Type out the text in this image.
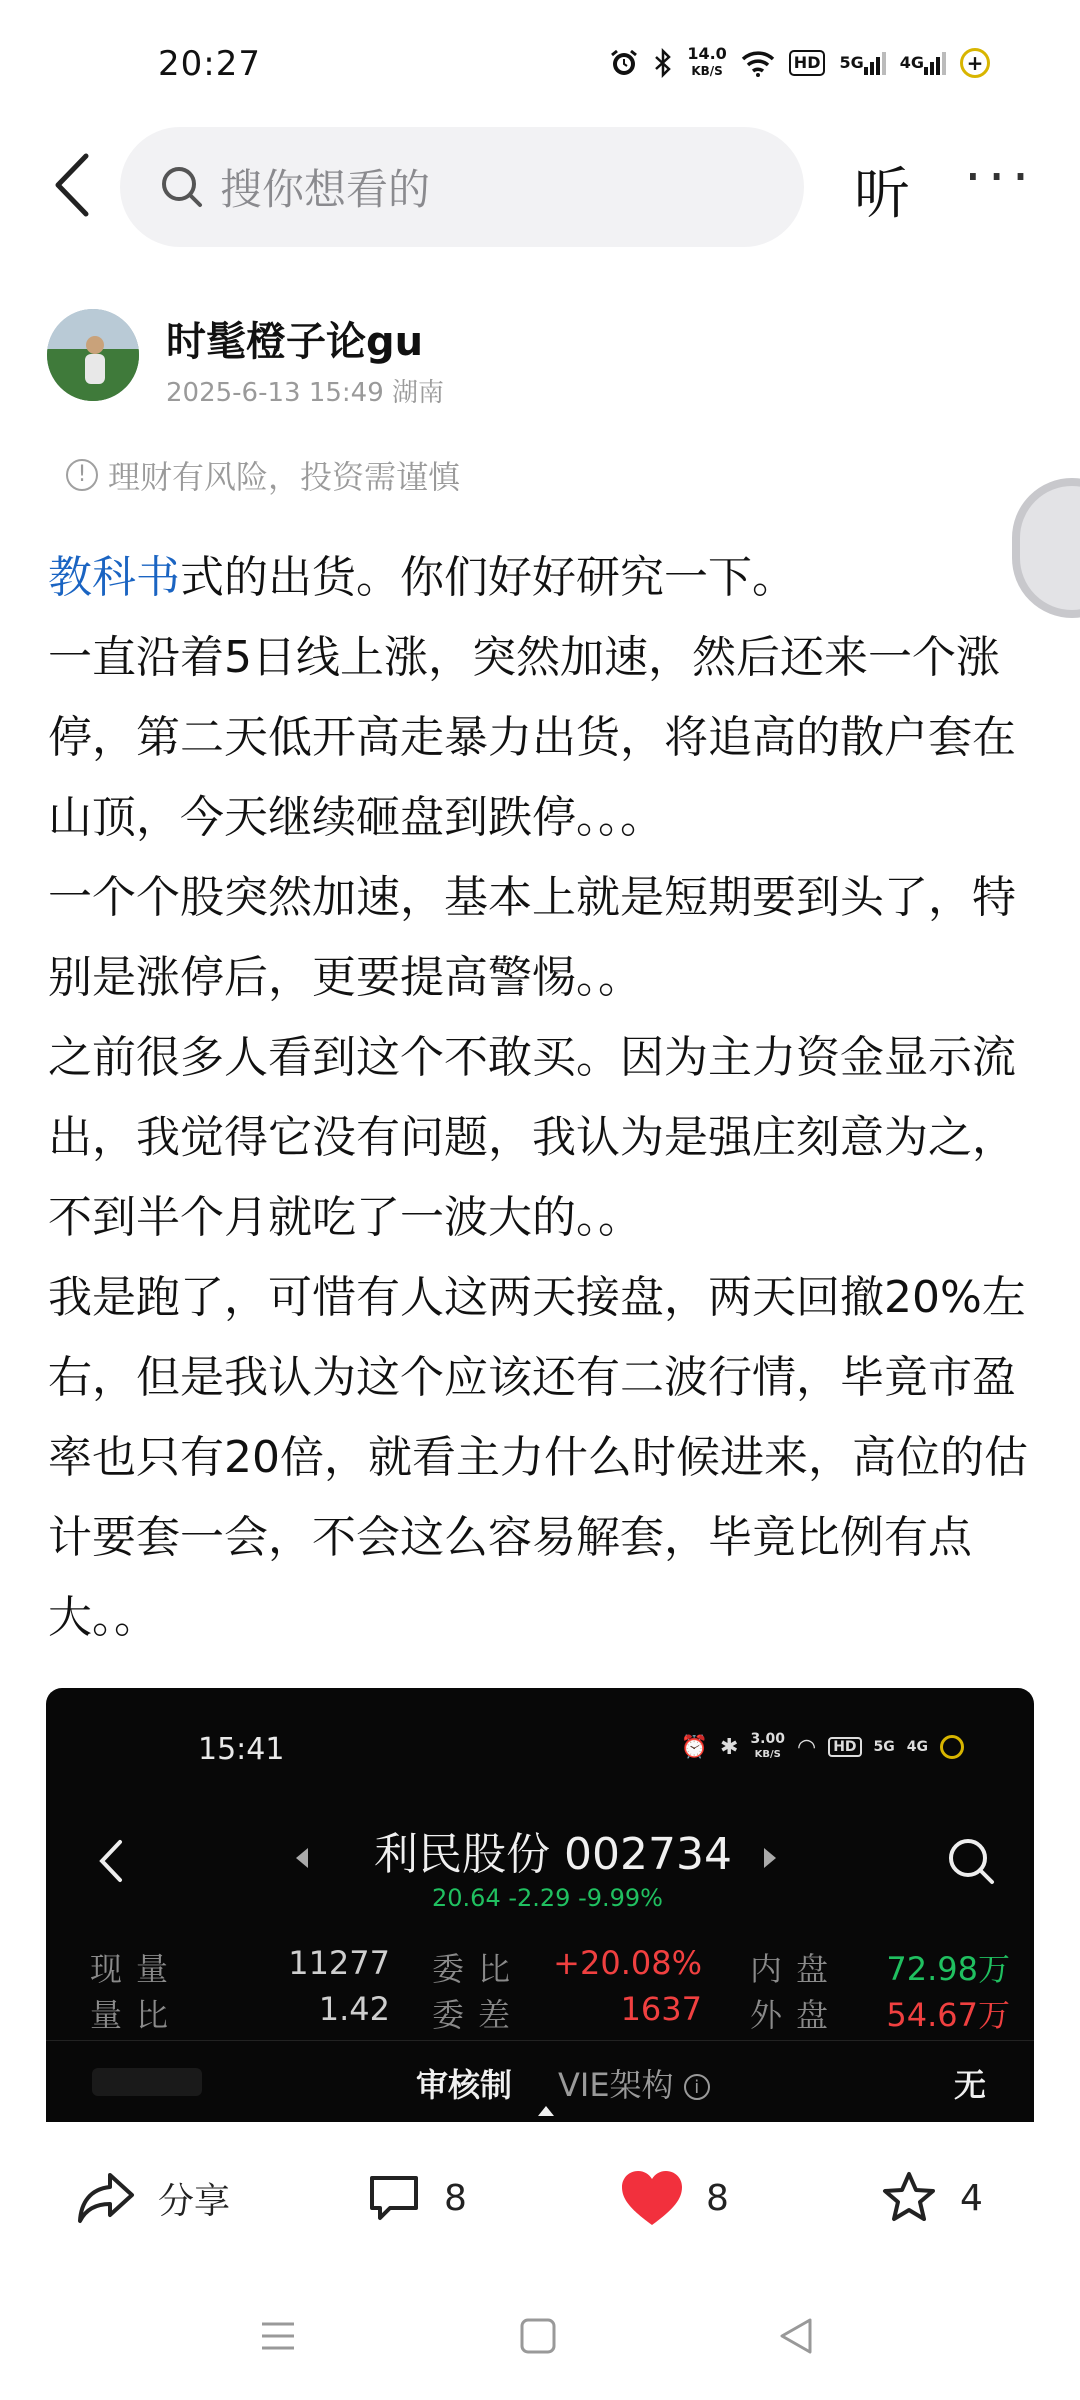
20:27	14.0
KB/S	HD	5G 4G	+
搜你想看的	听 ···
时髦橙子论gu
2025-6-13 15:49 湖南
! 理财有风险，投资需谨慎

教科书式的出货。你们好好研究一下。

一直沿着5日线上涨，突然加速，然后还来一个涨停，第二天低开高走暴力出货，将追高的散户套在山顶，今天继续砸盘到跌停。。。

一个个股突然加速，基本上就是短期要到头了，特别是涨停后，更要提高警惕。。

之前很多人看到这个不敢买。因为主力资金显示流出，我觉得它没有问题，我认为是强庄刻意为之，不到半个月就吃了一波大的。。

我是跑了，可惜有人这两天接盘，两天回撤20%左右，但是我认为这个应该还有二波行情，毕竟市盈率也只有20倍，就看主力什么时候进来，高位的估计要套一会，不会这么容易解套，毕竟比例有点大。。

15:41	⏰ ✱ 3.00
KB/S ◠	HD	5G 4G
利民股份 002734
20.64 -2.29 -9.99%
现量	11277 委比 +20.08% 内盘	72.98万
量比	1.42 委差	1637 外盘	54.67万
审核制 VIE架构 i	无
分享	8	8	4
